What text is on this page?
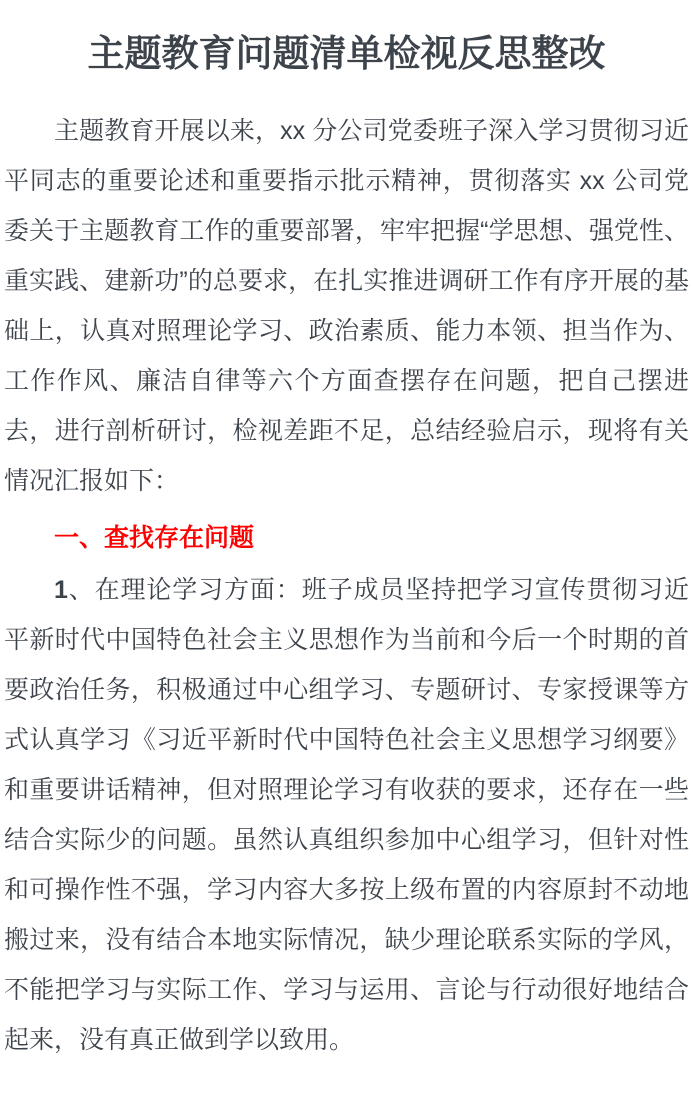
主题教育问题清单检视反思整改

主题教育开展以来，xx 分公司党委班子深入学习贯彻习近平同志的重要论述和重要指示批示精神，贯彻落实 xx 公司党委关于主题教育工作的重要部署，牢牢把握“学思想、强党性、重实践、建新功”的总要求，在扎实推进调研工作有序开展的基础上，认真对照理论学习、政治素质、能力本领、担当作为、工作作风、廉洁自律等六个方面查摆存在问题，把自己摆进去，进行剖析研讨，检视差距不足，总结经验启示，现将有关情况汇报如下：

一、查找存在问题

1、在理论学习方面：班子成员坚持把学习宣传贯彻习近平新时代中国特色社会主义思想作为当前和今后一个时期的首要政治任务，积极通过中心组学习、专题研讨、专家授课等方式认真学习《习近平新时代中国特色社会主义思想学习纲要》和重要讲话精神，但对照理论学习有收获的要求，还存在一些结合实际少的问题。虽然认真组织参加中心组学习，但针对性和可操作性不强，学习内容大多按上级布置的内容原封不动地搬过来，没有结合本地实际情况，缺少理论联系实际的学风，不能把学习与实际工作、学习与运用、言论与行动很好地结合起来，没有真正做到学以致用。
